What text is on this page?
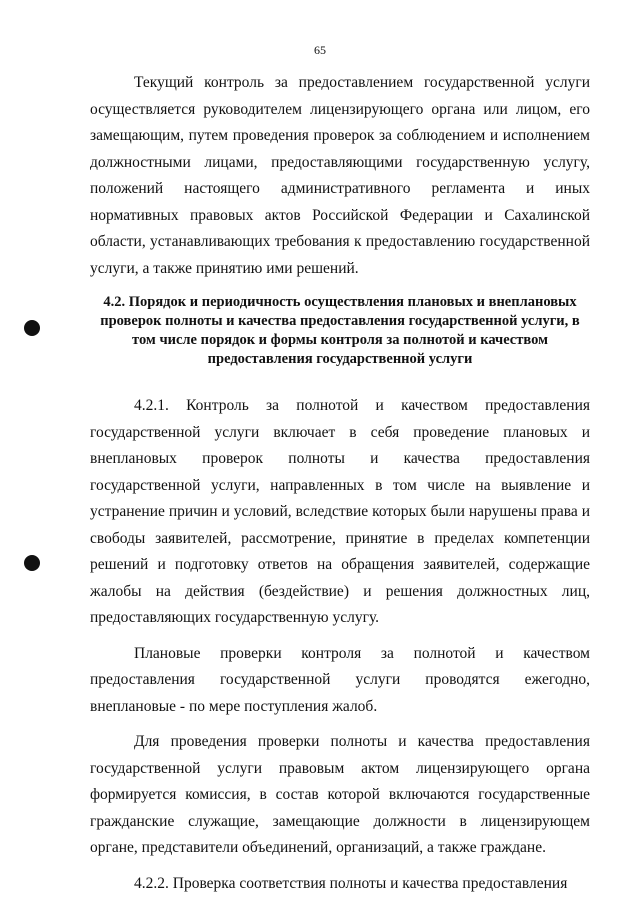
65

Текущий контроль за предоставлением государственной услуги осуществляется руководителем лицензирующего органа или лицом, его замещающим, путем проведения проверок за соблюдением и исполнением должностными лицами, предоставляющими государственную услугу, положений настоящего административного регламента и иных нормативных правовых актов Российской Федерации и Сахалинской области, устанавливающих требования к предоставлению государственной услуги, а также принятию ими решений.

4.2. Порядок и периодичность осуществления плановых и внеплановых проверок полноты и качества предоставления государственной услуги, в том числе порядок и формы контроля за полнотой и качеством предоставления государственной услуги

4.2.1. Контроль за полнотой и качеством предоставления государственной услуги включает в себя проведение плановых и внеплановых проверок полноты и качества предоставления государственной услуги, направленных в том числе на выявление и устранение причин и условий, вследствие которых были нарушены права и свободы заявителей, рассмотрение, принятие в пределах компетенции решений и подготовку ответов на обращения заявителей, содержащие жалобы на действия (бездействие) и решения должностных лиц, предоставляющих государственную услугу.

Плановые проверки контроля за полнотой и качеством предоставления государственной услуги проводятся ежегодно, внеплановые - по мере поступления жалоб.

Для проведения проверки полноты и качества предоставления государственной услуги правовым актом лицензирующего органа формируется комиссия, в состав которой включаются государственные гражданские служащие, замещающие должности в лицензирующем органе, представители объединений, организаций, а также граждане.

4.2.2. Проверка соответствия полноты и качества предоставления
